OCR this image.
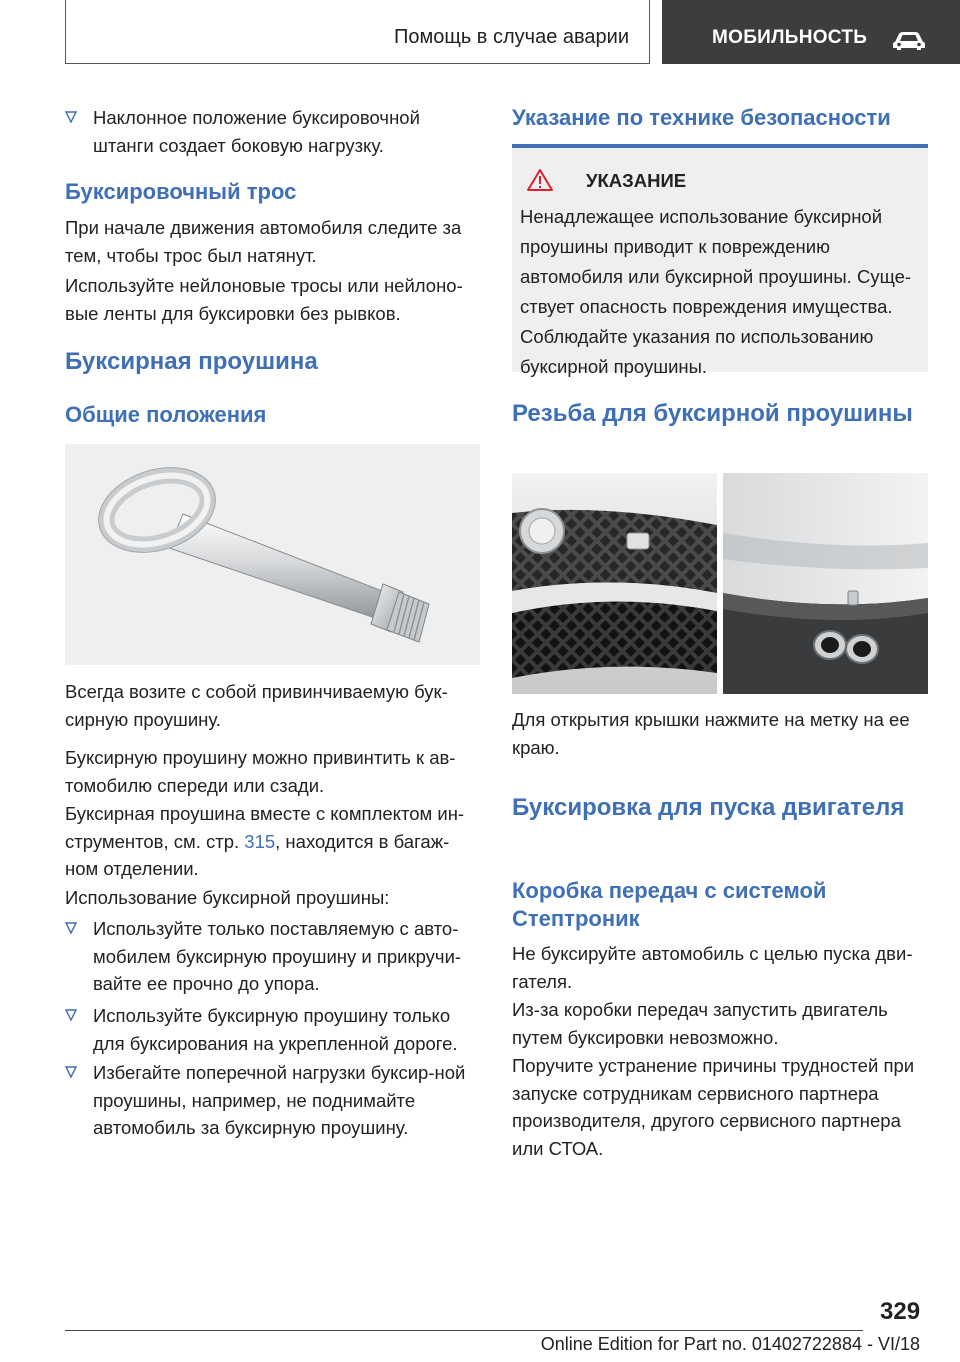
Помощь в случае аварии	МОБИЛЬНОСТЬ
Наклонное положение буксировочной штанги создает боковую нагрузку.
Буксировочный трос
При начале движения автомобиля следите за тем, чтобы трос был натянут.
Используйте нейлоновые тросы или нейлоно-вые ленты для буксировки без рывков.
Буксирная проушина
Общие положения
Всегда возите с собой привинчиваемую бук-сирную проушину.
Буксирную проушину можно привинтить к ав-томобилю спереди или сзади.
Буксирная проушина вместе с комплектом ин-струментов, см. стр. 315, находится в багаж-ном отделении.
Использование буксирной проушины:
Используйте только поставляемую с авто-мобилем буксирную проушину и прикручи-вайте ее прочно до упора.
Используйте буксирную проушину только для буксирования на укрепленной дороге.
Избегайте поперечной нагрузки буксир-ной проушины, например, не поднимайте автомобиль за буксирную проушину.
Указание по технике безопасности
УКАЗАНИЕ
Ненадлежащее использование буксирной проушины приводит к повреждению автомобиля или буксирной проушины. Суще-ствует опасность повреждения имущества. Соблюдайте указания по использованию буксирной проушины.
Резьба для буксирной проушины
Для открытия крышки нажмите на метку на ее краю.
Буксировка для пуска двигателя
Коробка передач с системой Стептроник
Не буксируйте автомобиль с целью пуска дви-гателя.
Из-за коробки передач запустить двигатель путем буксировки невозможно.
Поручите устранение причины трудностей при запуске сотрудникам сервисного партнера производителя, другого сервисного партнера или СТОА.
329
Online Edition for Part no. 01402722884 - VI/18
